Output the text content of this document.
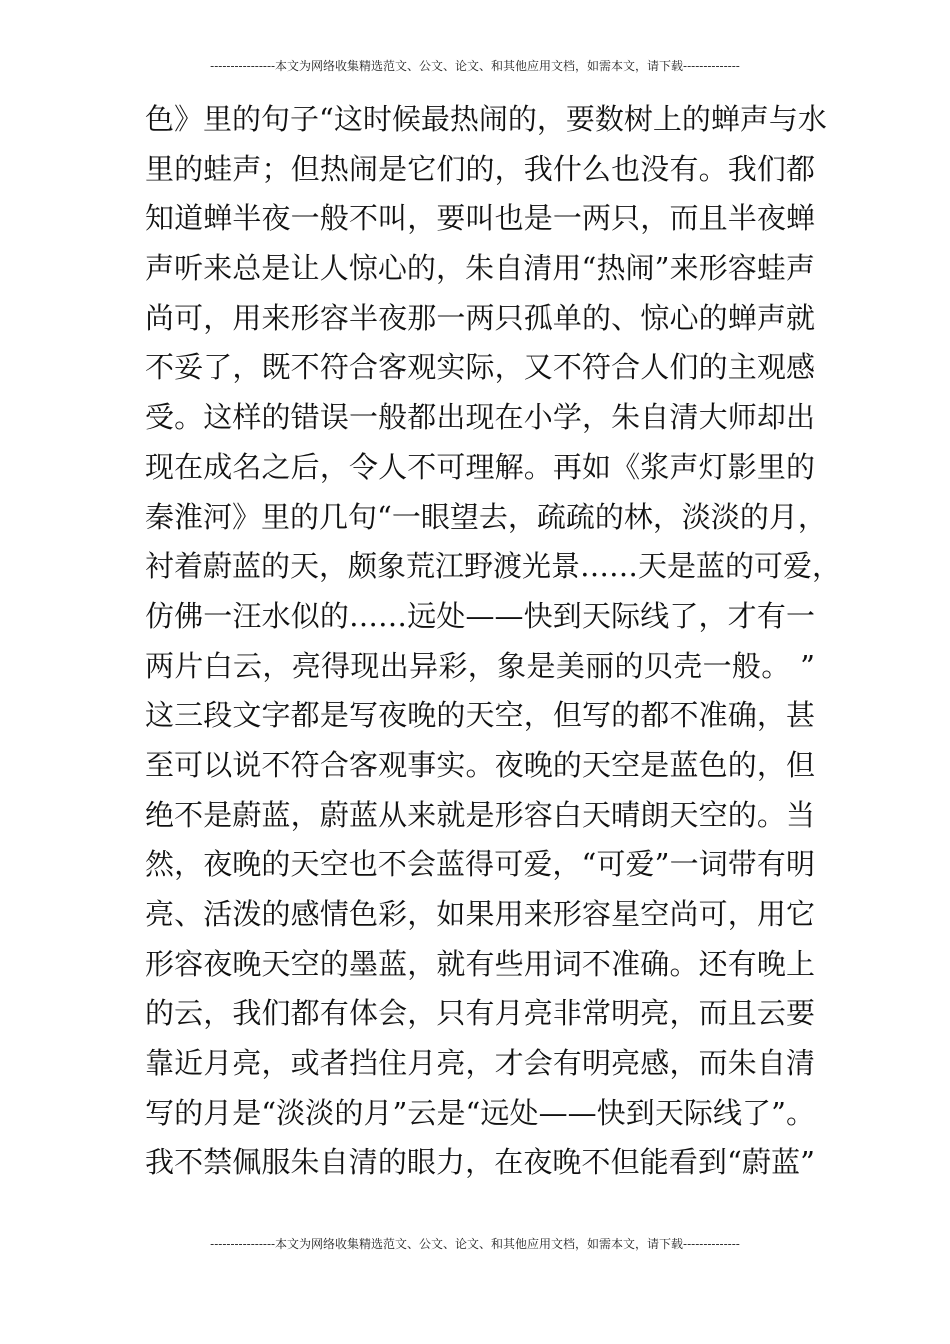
----------------本文为网络收集精选范文、公文、论文、和其他应用文档，如需本文，请下载--------------
色》里的句子“这时候最热闹的，要数树上的蝉声与水
里的蛙声；但热闹是它们的，我什么也没有。我们都
知道蝉半夜一般不叫，要叫也是一两只，而且半夜蝉
声听来总是让人惊心的，朱自清用“热闹”来形容蛙声
尚可，用来形容半夜那一两只孤单的、惊心的蝉声就
不妥了，既不符合客观实际，又不符合人们的主观感
受。这样的错误一般都出现在小学，朱自清大师却出
现在成名之后，令人不可理解。再如《浆声灯影里的
秦淮河》里的几句“一眼望去，疏疏的林，淡淡的月，
衬着蔚蓝的天，颇象荒江野渡光景……天是蓝的可爱，
仿佛一汪水似的……远处——快到天际线了，才有一
两片白云，亮得现出异彩，象是美丽的贝壳一般。 ”
这三段文字都是写夜晚的天空，但写的都不准确，甚
至可以说不符合客观事实。夜晚的天空是蓝色的，但
绝不是蔚蓝，蔚蓝从来就是形容白天晴朗天空的。当
然，夜晚的天空也不会蓝得可爱，“可爱”一词带有明
亮、活泼的感情色彩，如果用来形容星空尚可，用它
形容夜晚天空的墨蓝，就有些用词不准确。还有晚上
的云，我们都有体会，只有月亮非常明亮，而且云要
靠近月亮，或者挡住月亮，才会有明亮感，而朱自清
写的月是“淡淡的月”云是“远处——快到天际线了”。
我不禁佩服朱自清的眼力，在夜晚不但能看到“蔚蓝”
----------------本文为网络收集精选范文、公文、论文、和其他应用文档，如需本文，请下载--------------
